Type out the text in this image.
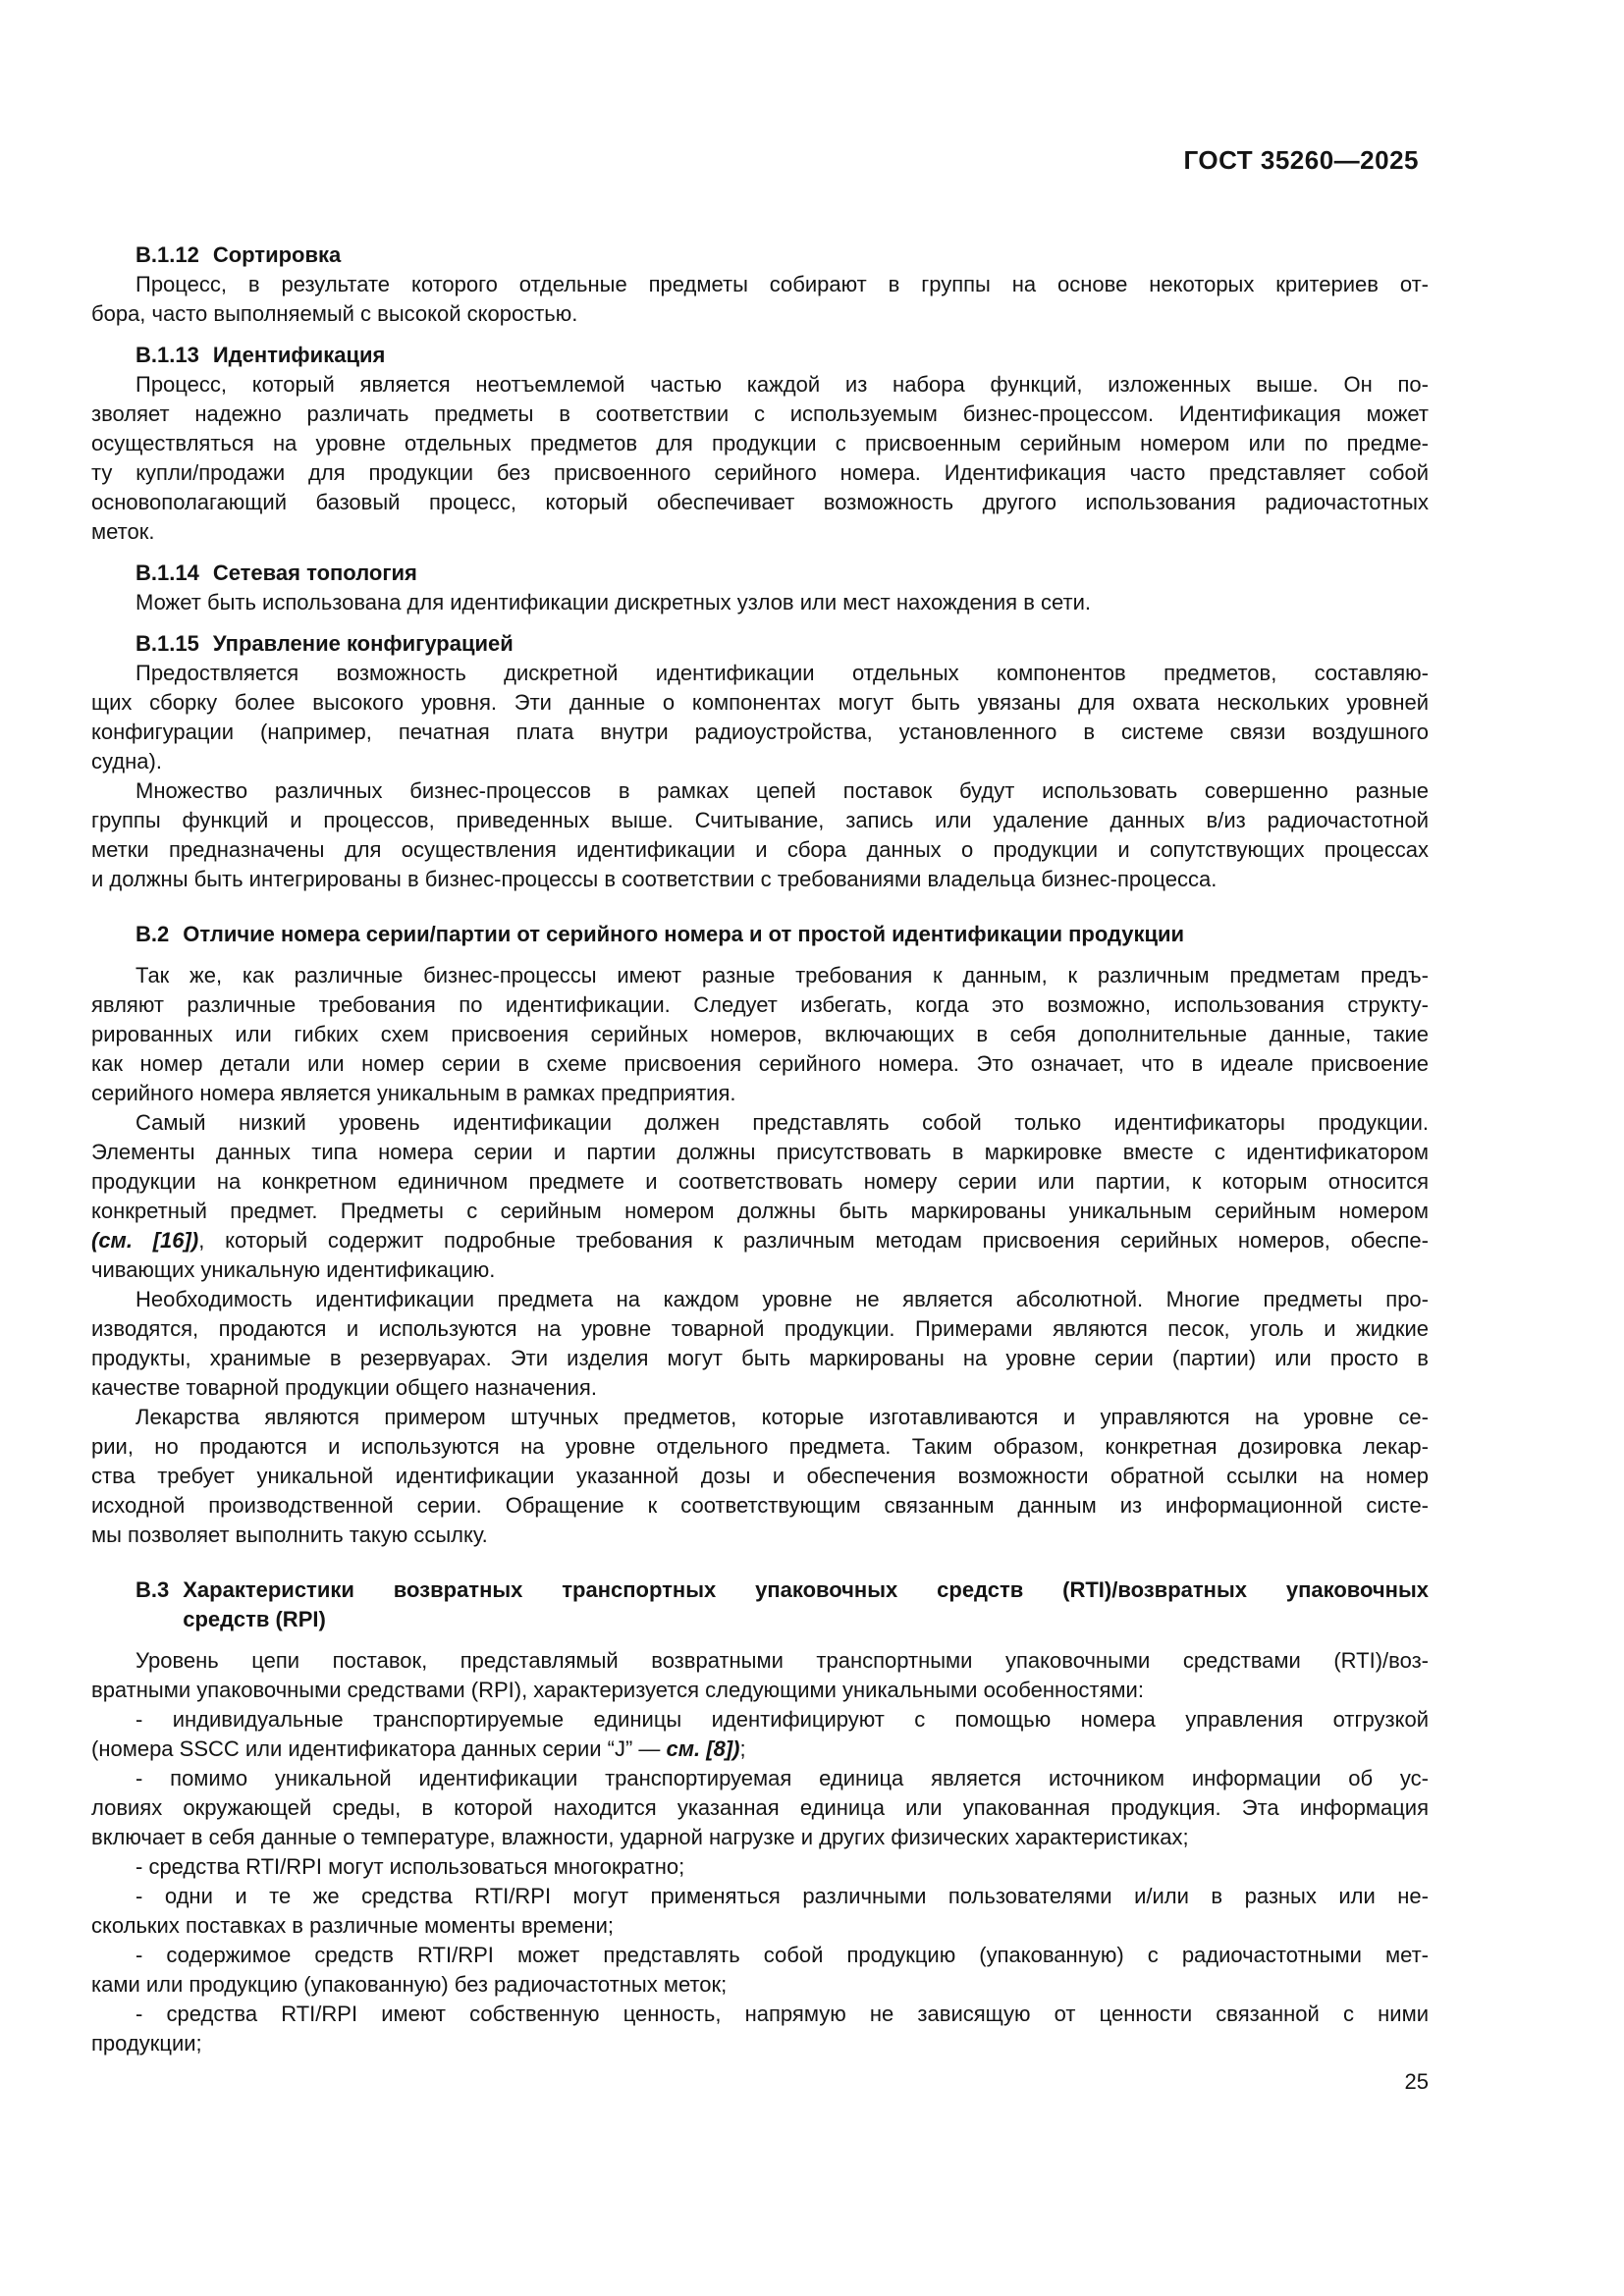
ГОСТ 35260—2025
В.1.12 Сортировка
Процесс, в результате которого отдельные предметы собирают в группы на основе некоторых критериев от-
бора, часто выполняемый с высокой скоростью.
В.1.13 Идентификация
Процесс, который является неотъемлемой частью каждой из набора функций, изложенных выше. Он по-
зволяет надежно различать предметы в соответствии с используемым бизнес-процессом. Идентификация может
осуществляться на уровне отдельных предметов для продукции с присвоенным серийным номером или по предме-
ту купли/продажи для продукции без присвоенного серийного номера. Идентификация часто представляет собой
основополагающий базовый процесс, который обеспечивает возможность другого использования радиочастотных
меток.
В.1.14 Сетевая топология
Может быть использована для идентификации дискретных узлов или мест нахождения в сети.
В.1.15 Управление конфигурацией
Предоствляется возможность дискретной идентификации отдельных компонентов предметов, составляю-
щих сборку более высокого уровня. Эти данные о компонентах могут быть увязаны для охвата нескольких уровней
конфигурации (например, печатная плата внутри радиоустройства, установленного в системе связи воздушного
судна).
Множество различных бизнес-процессов в рамках цепей поставок будут использовать совершенно разные
группы функций и процессов, приведенных выше. Считывание, запись или удаление данных в/из радиочастотной
метки предназначены для осуществления идентификации и сбора данных о продукции и сопутствующих процессах
и должны быть интегрированы в бизнес-процессы в соответствии с требованиями владельца бизнес-процесса.
В.2 Отличие номера серии/партии от серийного номера и от простой идентификации продукции
Так же, как различные бизнес-процессы имеют разные требования к данным, к различным предметам предъ-
являют различные требования по идентификации. Следует избегать, когда это возможно, использования структу-
рированных или гибких схем присвоения серийных номеров, включающих в себя дополнительные данные, такие
как номер детали или номер серии в схеме присвоения серийного номера. Это означает, что в идеале присвоение
серийного номера является уникальным в рамках предприятия.
Самый низкий уровень идентификации должен представлять собой только идентификаторы продукции.
Элементы данных типа номера серии и партии должны присутствовать в маркировке вместе с идентификатором
продукции на конкретном единичном предмете и соответствовать номеру серии или партии, к которым относится
конкретный предмет. Предметы с серийным номером должны быть маркированы уникальным серийным номером
(см. [16]), который содержит подробные требования к различным методам присвоения серийных номеров, обеспе-
чивающих уникальную идентификацию.
Необходимость идентификации предмета на каждом уровне не является абсолютной. Многие предметы про-
изводятся, продаются и используются на уровне товарной продукции. Примерами являются песок, уголь и жидкие
продукты, хранимые в резервуарах. Эти изделия могут быть маркированы на уровне серии (партии) или просто в
качестве товарной продукции общего назначения.
Лекарства являются примером штучных предметов, которые изготавливаются и управляются на уровне се-
рии, но продаются и используются на уровне отдельного предмета. Таким образом, конкретная дозировка лекар-
ства требует уникальной идентификации указанной дозы и обеспечения возможности обратной ссылки на номер
исходной производственной серии. Обращение к соответствующим связанным данным из информационной систе-
мы позволяет выполнить такую ссылку.
В.3 Характеристики возвратных транспортных упаковочных средств (RTI)/возвратных упаковочных
средств (RPI)
Уровень цепи поставок, представлямый возвратными транспортными упаковочными средствами (RTI)/воз-
вратными упаковочными средствами (RPI), характеризуется следующими уникальными особенностями:
- индивидуальные транспортируемые единицы идентифицируют с помощью номера управления отгрузкой
(номера SSCC или идентификатора данных серии “J” — см. [8]);
- помимо уникальной идентификации транспортируемая единица является источником информации об ус-
ловиях окружающей среды, в которой находится указанная единица или упакованная продукция. Эта информация
включает в себя данные о температуре, влажности, ударной нагрузке и других физических характеристиках;
- средства RTI/RPI могут использоваться многократно;
- одни и те же средства RTI/RPI могут применяться различными пользователями и/или в разных или не-
скольких поставках в различные моменты времени;
- содержимое средств RTI/RPI может представлять собой продукцию (упакованную) с радиочастотными мет-
ками или продукцию (упакованную) без радиочастотных меток;
- средства RTI/RPI имеют собственную ценность, напрямую не зависящую от ценности связанной с ними
продукции;
25
